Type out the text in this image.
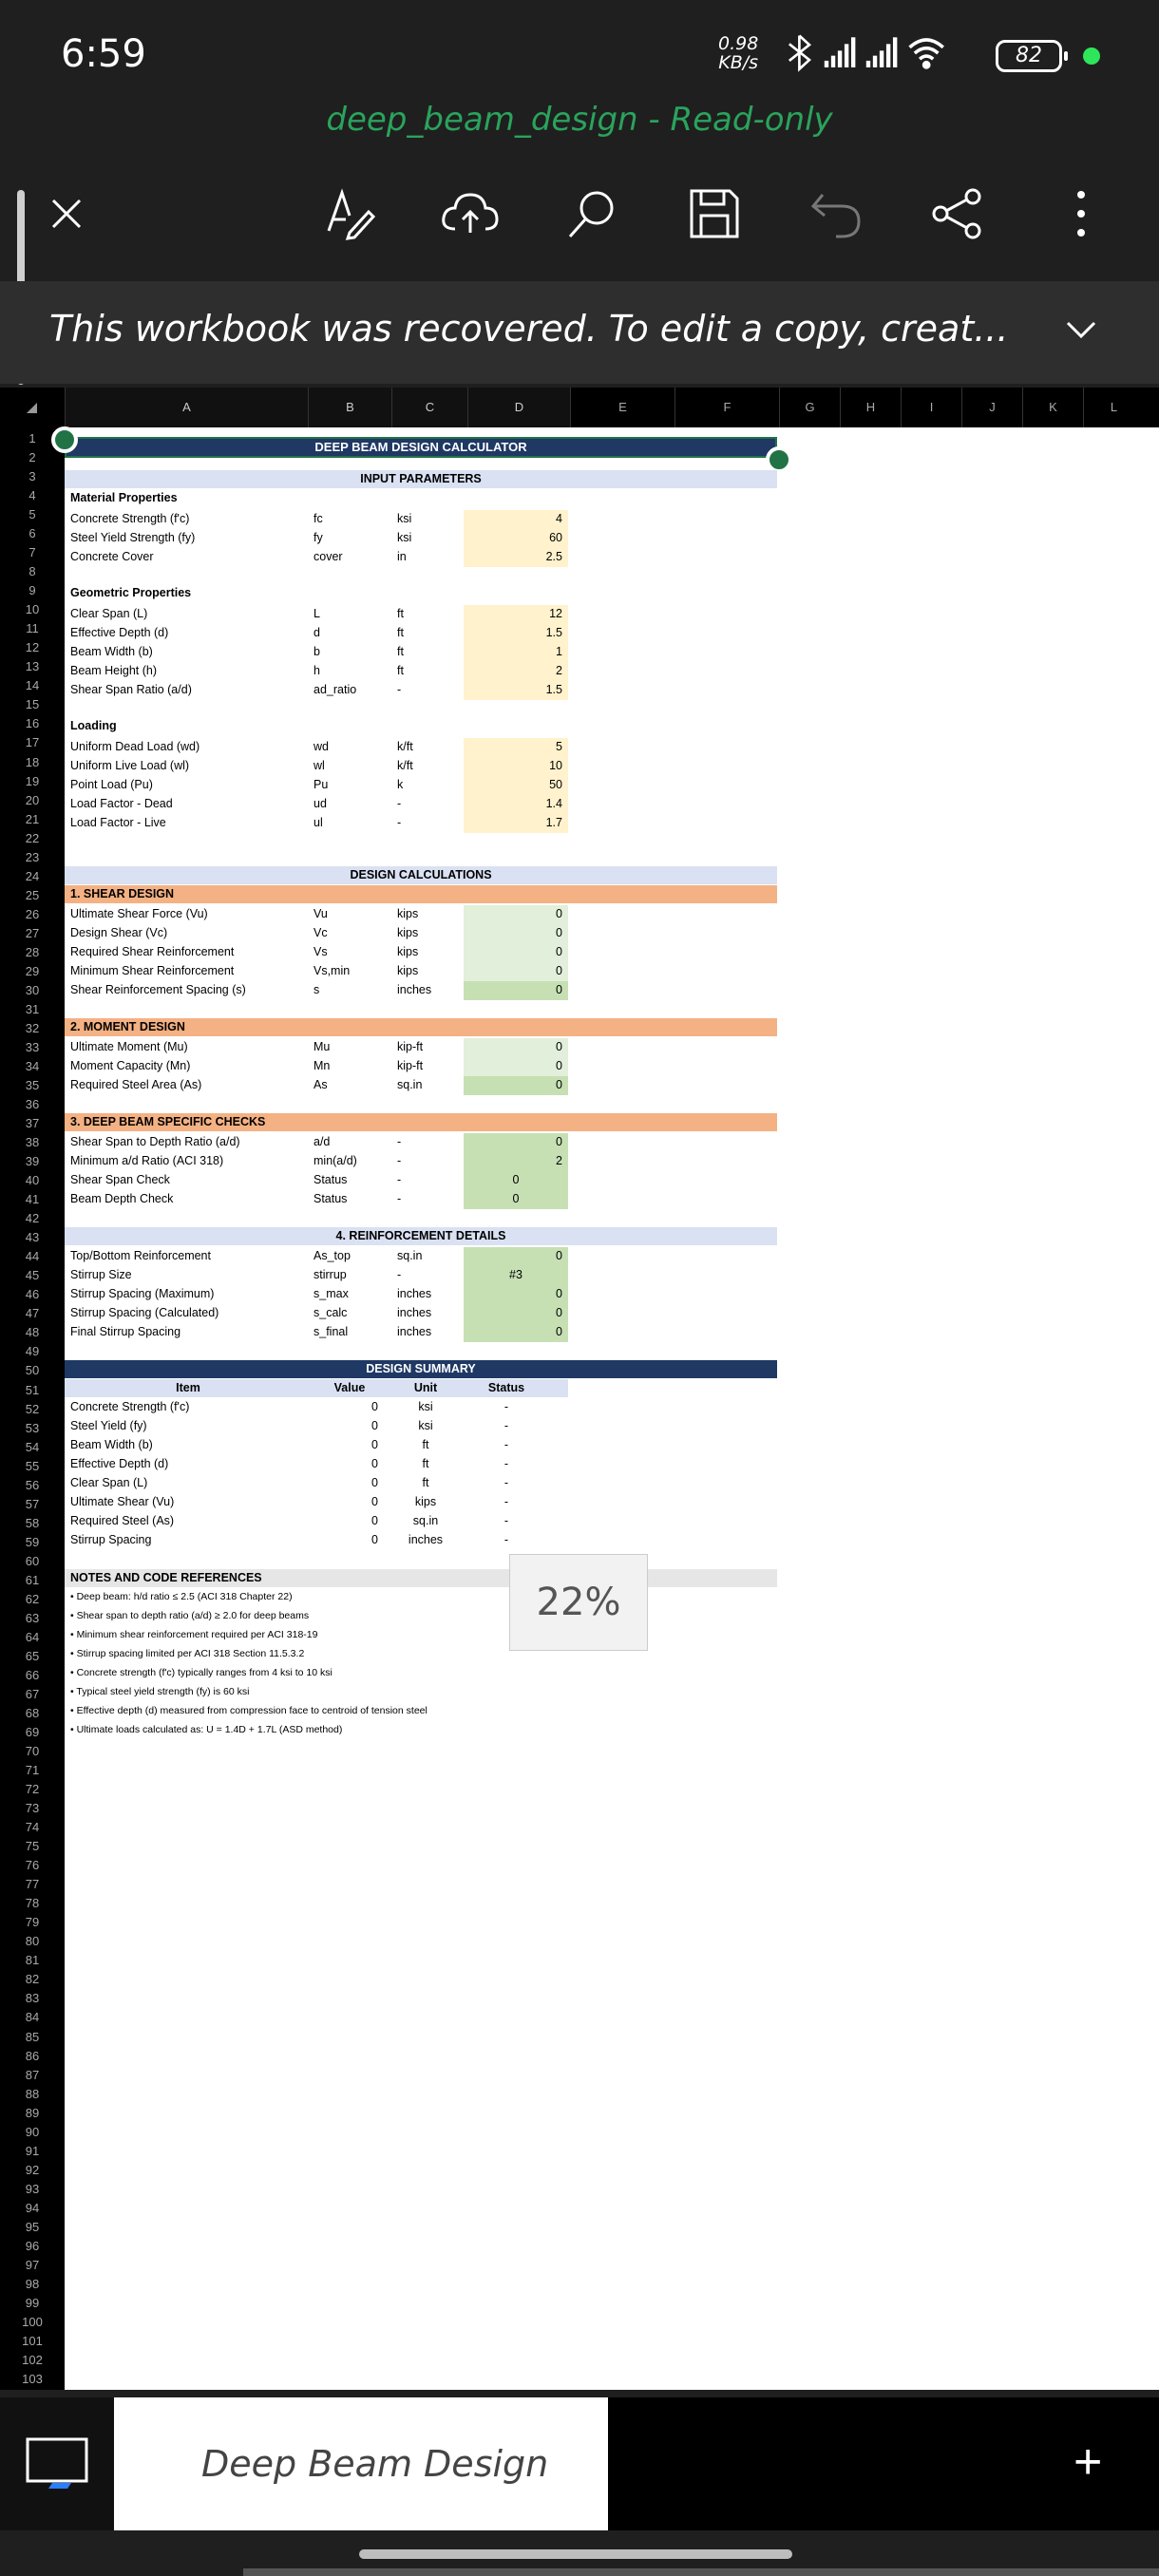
6:59	0.98
KB/s	82
deep_beam_design - Read-only
This workbook was recovered. To edit a copy, creat...
A	B	C	D	E	F	G	H	I	J	K	L
1
2
3
4
5
6
7
8
9
10
11
12
13
14
15
16
17
18
19
20
21
22
23
24
25
26
27
28
29
30
31
32
33
34
35
36
37
38
39
40
41
42
43
44
45
46
47
48
49
50
51
52
53
54
55
56
57
58
59
60
61
62
63
64
65
66
67
68
69
70
71
72
73
74
75
76
77
78
79
80
81
82
83
84
85
86
87
88
89
90
91
92
93
94
95
96
97
98
99
100
101
102
103
DEEP BEAM DESIGN CALCULATOR
INPUT PARAMETERS
Material Properties
Concrete Strength (f'c)	fc	ksi	4
Steel Yield Strength (fy)	fy	ksi	60
Concrete Cover	cover	in	2.5
Geometric Properties
Clear Span (L)	L	ft	12
Effective Depth (d)	d	ft	1.5
Beam Width (b)	b	ft	1
Beam Height (h)	h	ft	2
Shear Span Ratio (a/d)	ad_ratio	-	1.5
Loading
Uniform Dead Load (wd)	wd	k/ft	5
Uniform Live Load (wl)	wl	k/ft	10
Point Load (Pu)	Pu	k	50
Load Factor - Dead	ud	-	1.4
Load Factor - Live	ul	-	1.7
DESIGN CALCULATIONS
1. SHEAR DESIGN
Ultimate Shear Force (Vu)	Vu	kips	0
Design Shear (Vc)	Vc	kips	0
Required Shear Reinforcement	Vs	kips	0
Minimum Shear Reinforcement	Vs,min	kips	0
Shear Reinforcement Spacing (s)	s	inches	0
2. MOMENT DESIGN
Ultimate Moment (Mu)	Mu	kip-ft	0
Moment Capacity (Mn)	Mn	kip-ft	0
Required Steel Area (As)	As	sq.in	0
3. DEEP BEAM SPECIFIC CHECKS
Shear Span to Depth Ratio (a/d)	a/d	-	0
Minimum a/d Ratio (ACI 318)	min(a/d)	-	2
Shear Span Check	Status	-	0
Beam Depth Check	Status	-	0
4. REINFORCEMENT DETAILS
Top/Bottom Reinforcement	As_top	sq.in	0
Stirrup Size	stirrup	-	#3
Stirrup Spacing (Maximum)	s_max	inches	0
Stirrup Spacing (Calculated)	s_calc	inches	0
Final Stirrup Spacing	s_final	inches	0
DESIGN SUMMARY
Item	Value	Unit	Status
Concrete Strength (f'c)	0	ksi	-
Steel Yield (fy)	0	ksi	-
Beam Width (b)	0	ft	-
Effective Depth (d)	0	ft	-
Clear Span (L)	0	ft	-
Ultimate Shear (Vu)	0	kips	-
Required Steel (As)	0	sq.in	-
Stirrup Spacing	0	inches	-
NOTES AND CODE REFERENCES
• Deep beam: h/d ratio ≤ 2.5 (ACI 318 Chapter 22)
• Shear span to depth ratio (a/d) ≥ 2.0 for deep beams
• Minimum shear reinforcement required per ACI 318-19
• Stirrup spacing limited per ACI 318 Section 11.5.3.2
• Concrete strength (f'c) typically ranges from 4 ksi to 10 ksi
• Typical steel yield strength (fy) is 60 ksi
• Effective depth (d) measured from compression face to centroid of tension steel
• Ultimate loads calculated as: U = 1.4D + 1.7L (ASD method)
22%
Deep Beam Design	+
